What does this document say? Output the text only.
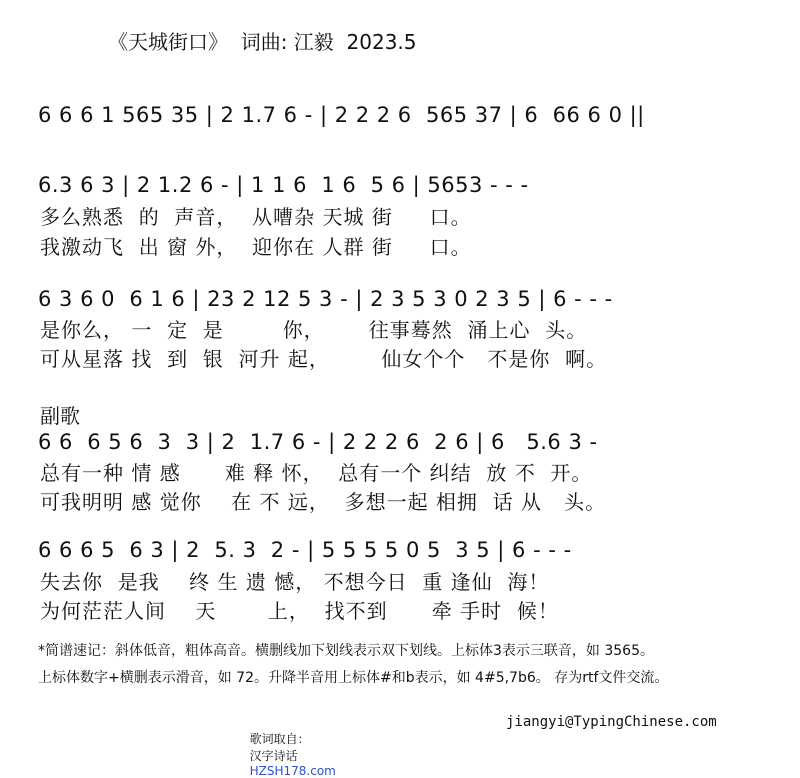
《天城街口》  词曲: 江毅  2023.5
6 6 6 1 565 35 | 2 1.7 6 - | 2 2 2 6  565 37 | 6  66 6 0 ||
6.3 6 3 | 2 1.2 6 - | 1 1 6  1 6  5 6 | 5653 - - -
多么熟悉  的  声音，  从嘈杂 天城 街     口。
我激动飞  出 窗 外，  迎你在 人群 街     口。
6 3 6 0  6 1 6 | 23 2 12 5 3 - | 2 3 5 3 0 2 3 5 | 6 - - -
是你么， 一  定  是        你，      往事蓦然  涌上心  头。
可从星落 找  到  银  河升 起，       仙女个个   不是你  啊。
副歌
6 6  6 5 6  3  3 | 2  1.7 6 - | 2 2 2 6  2 6 | 6   5.6 3 -
总有一种 情 感      难 释 怀，  总有一个 纠结  放 不  开。
可我明明 感 觉你    在 不 远，  多想一起 相拥  话 从   头。
6 6 6 5  6 3 | 2  5. 3  2 - | 5 5 5 5 0 5  3 5 | 6 - - -
失去你  是我    终 生 遗 憾， 不想今日  重 逢仙  海！
为何茫茫人间    天       上，  找不到      牵 手时  候！
*简谱速记：斜体低音，粗体高音。横删线加下划线表示双下划线。上标体3表示三联音，如 3565。
上标体数字+横删表示滑音，如 72。升降半音用上标体#和b表示，如 4#5,7b6。 存为rtf文件交流。

歌词取自：
汉字诗话
HZSH178.com

jiangyi@TypingChinese.com
